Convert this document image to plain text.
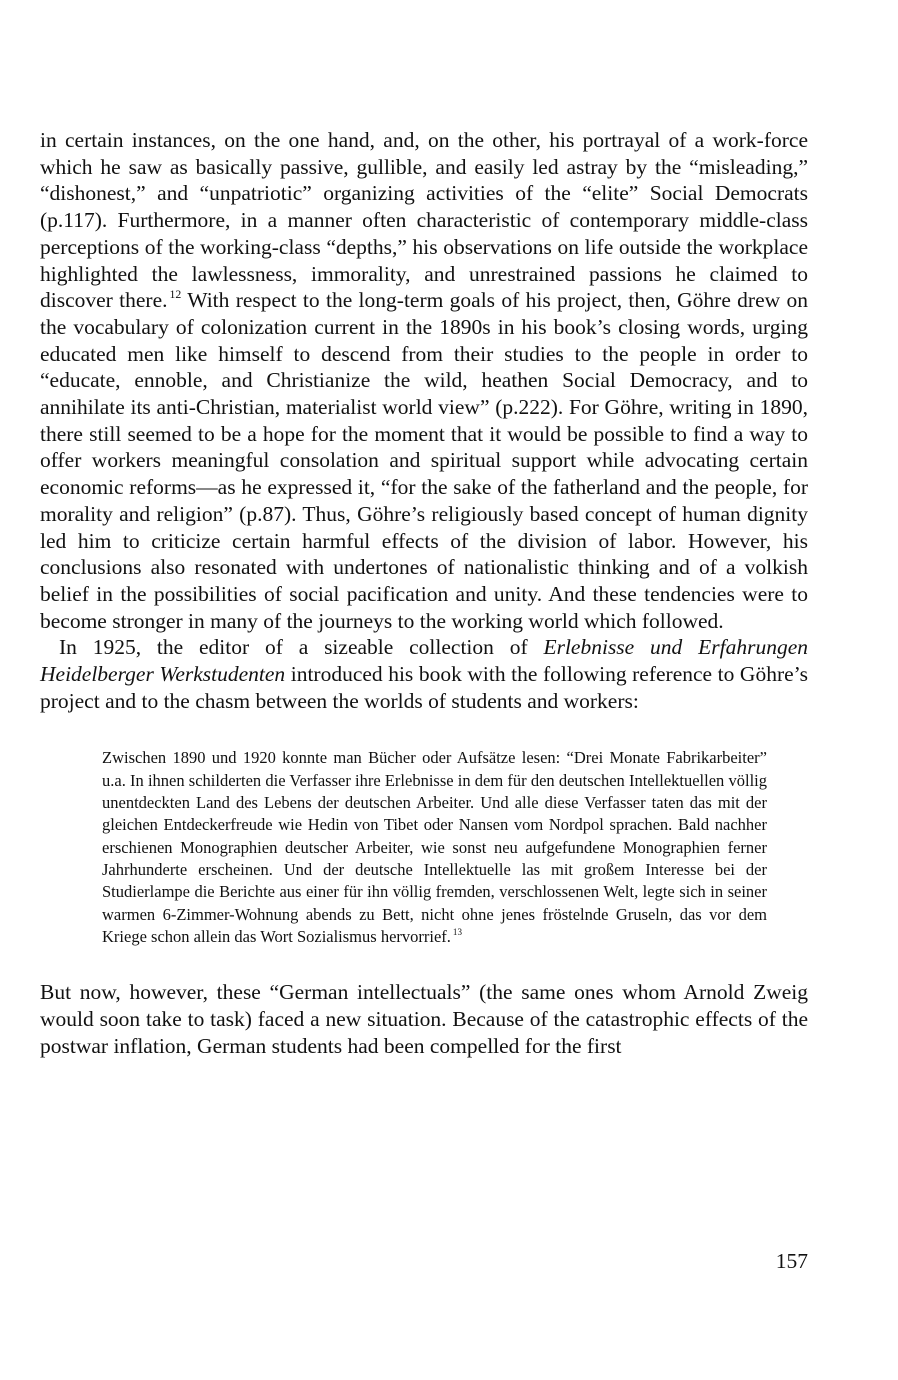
in certain instances, on the one hand, and, on the other, his portrayal of a work-force which he saw as basically passive, gullible, and easily led astray by the “misleading,” “dishonest,” and “unpatriotic” organizing activities of the “elite” Social Democrats (p.117). Furthermore, in a manner often characteristic of contemporary middle-class perceptions of the working-class “depths,” his observations on life outside the workplace highlighted the lawlessness, immorality, and unrestrained passions he claimed to discover there. $^{12}$ With respect to the long-term goals of his project, then, Göhre drew on the vocabulary of colonization current in the 1890s in his book’s closing words, urging educated men like himself to descend from their studies to the people in order to “educate, ennoble, and Christianize the wild, heathen Social Democracy, and to annihilate its anti-Christian, materialist world view” (p.222). For Göhre, writing in 1890, there still seemed to be a hope for the moment that it would be possible to find a way to offer workers meaningful consolation and spiritual support while advocating certain economic reforms—as he expressed it, “for the sake of the fatherland and the people, for morality and religion” (p.87). Thus, Göhre’s religiously based concept of human dignity led him to criticize certain harmful effects of the division of labor. However, his conclusions also resonated with undertones of nationalistic thinking and of a volkish belief in the possibilities of social pacification and unity. And these tendencies were to become stronger in many of the journeys to the working world which followed.

In 1925, the editor of a sizeable collection of Erlebnisse und Erfahrungen Heidelberger Werkstudenten introduced his book with the following reference to Göhre’s project and to the chasm between the worlds of students and workers:

Zwischen 1890 und 1920 konnte man Bücher oder Aufsätze lesen: “Drei Monate Fabrikarbeiter” u.a. In ihnen schilderten die Verfasser ihre Erlebnisse in dem für den deutschen Intellektuellen völlig unentdeckten Land des Lebens der deutschen Arbeiter. Und alle diese Verfasser taten das mit der gleichen Entdeckerfreude wie Hedin von Tibet oder Nansen vom Nordpol sprachen. Bald nachher erschienen Monographien deutscher Arbeiter, wie sonst neu aufgefundene Monographien ferner Jahrhunderte erscheinen. Und der deutsche Intellektuelle las mit großem Interesse bei der Studierlampe die Berichte aus einer für ihn völlig fremden, verschlossenen Welt, legte sich in seiner warmen 6-Zimmer-Wohnung abends zu Bett, nicht ohne jenes fröstelnde Gruseln, das vor dem Kriege schon allein das Wort Sozialismus hervorrief. $^{13}$

But now, however, these “German intellectuals” (the same ones whom Arnold Zweig would soon take to task) faced a new situation. Because of the catastrophic effects of the postwar inflation, German students had been compelled for the first

157
